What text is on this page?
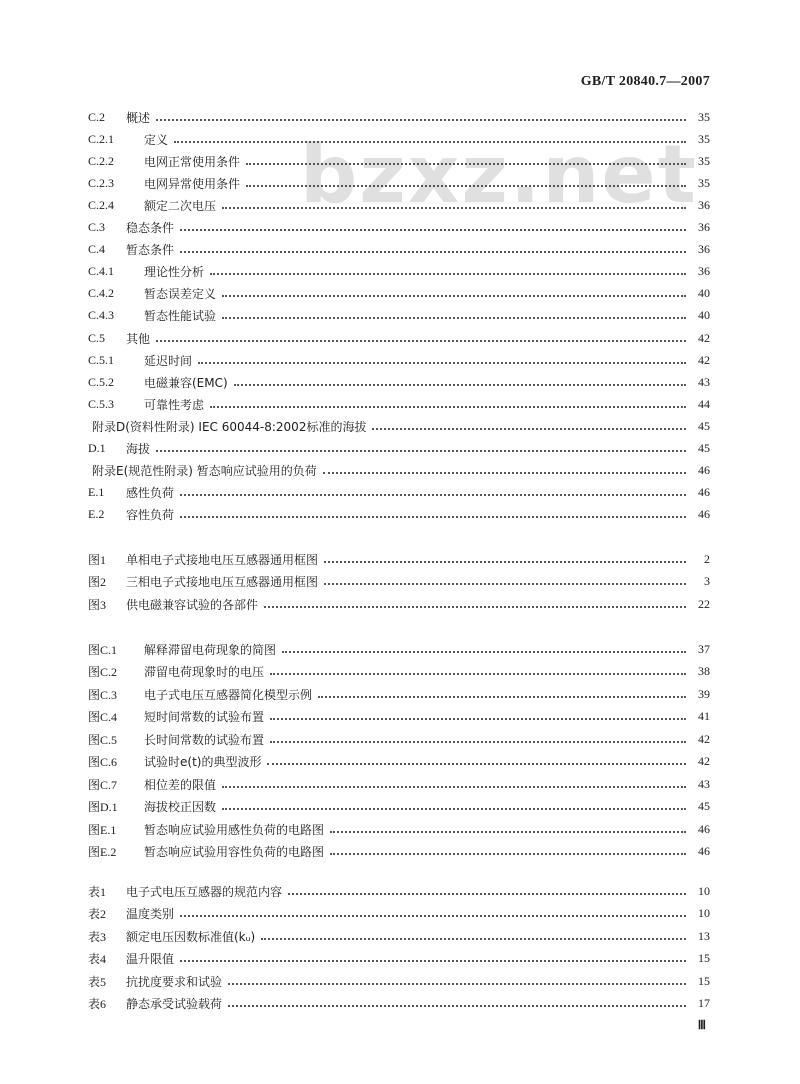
bzxz.net
GB/T 20840.7—2007
C.2	概述	35
C.2.1	定义	35
C.2.2	电网正常使用条件	35
C.2.3	电网异常使用条件	35
C.2.4	额定二次电压	36
C.3	稳态条件	36
C.4	暂态条件	36
C.4.1	理论性分析	36
C.4.2	暂态误差定义	40
C.4.3	暂态性能试验	40
C.5	其他	42
C.5.1	延迟时间	42
C.5.2	电磁兼容(EMC)	43
C.5.3	可靠性考虑	44
附录D(资料性附录) IEC 60044-8:2002标准的海拔	45
D.1	海拔	45
附录E(规范性附录) 暂态响应试验用的负荷	46
E.1	感性负荷	46
E.2	容性负荷	46
图1	单相电子式接地电压互感器通用框图	2
图2	三相电子式接地电压互感器通用框图	3
图3	供电磁兼容试验的各部件	22
图C.1	解释滞留电荷现象的简图	37
图C.2	滞留电荷现象时的电压	38
图C.3	电子式电压互感器简化模型示例	39
图C.4	短时间常数的试验布置	41
图C.5	长时间常数的试验布置	42
图C.6	试验时e(t)的典型波形	42
图C.7	相位差的限值	43
图D.1	海拔校正因数	45
图E.1	暂态响应试验用感性负荷的电路图	46
图E.2	暂态响应试验用容性负荷的电路图	46
表1	电子式电压互感器的规范内容	10
表2	温度类别	10
表3	额定电压因数标准值(kᵤ)	13
表4	温升限值	15
表5	抗扰度要求和试验	15
表6	静态承受试验载荷	17
Ⅲ
